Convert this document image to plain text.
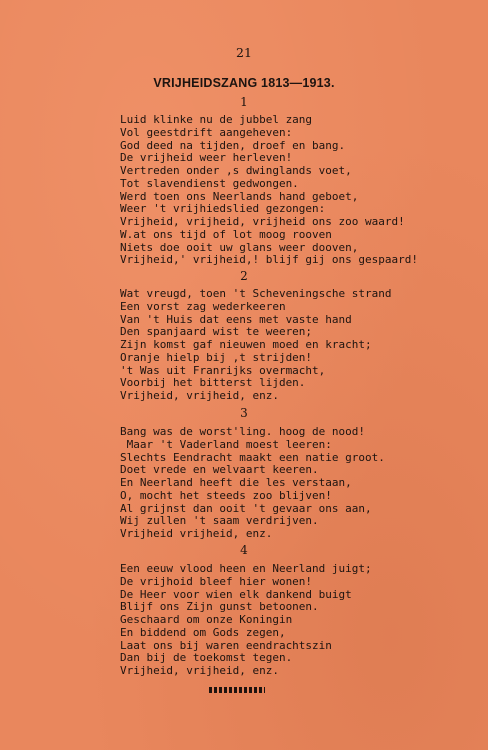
21
VRIJHEIDSZANG 1813—1913.
1
Luid klinke nu de jubbel zang
Vol geestdrift aangeheven:
God deed na tijden, droef en bang.
De vrijheid weer herleven!
Vertreden onder ,s dwinglands voet,
Tot slavendienst gedwongen.
Werd toen ons Neerlands hand geboet,
Weer 't vrijhiedslied gezongen:
Vrijheid, vrijheid, vrijheid ons zoo waard!
W.at ons tijd of lot moog rooven
Niets doe ooit uw glans weer dooven,
Vrijheid,' vrijheid,! blijf gij ons gespaard!
2
Wat vreugd, toen 't Scheveningsche strand
Een vorst zag wederkeeren
Van 't Huis dat eens met vaste hand
Den spanjaard wist te weeren;
Zijn komst gaf nieuwen moed en kracht;
Oranje hielp bij ,t strijden!
't Was uit Franrijks overmacht,
Voorbij het bitterst lijden.
Vrijheid, vrijheid, enz.
3
Bang was de worst'ling. hoog de nood!
Maar 't Vaderland moest leeren:
Slechts Eendracht maakt een natie groot.
Doet vrede en welvaart keeren.
En Neerland heeft die les verstaan,
O, mocht het steeds zoo blijven!
Al grijnst dan ooit 't gevaar ons aan,
Wij zullen 't saam verdrijven.
Vrijheid vrijheid, enz.
4
Een eeuw vlood heen en Neerland juigt;
De vrijhoid bleef hier wonen!
De Heer voor wien elk dankend buigt
Blijf ons Zijn gunst betoonen.
Geschaard om onze Koningin
En biddend om Gods zegen,
Laat ons bij waren eendrachtszin
Dan bij de toekomst tegen.
Vrijheid, vrijheid, enz.
